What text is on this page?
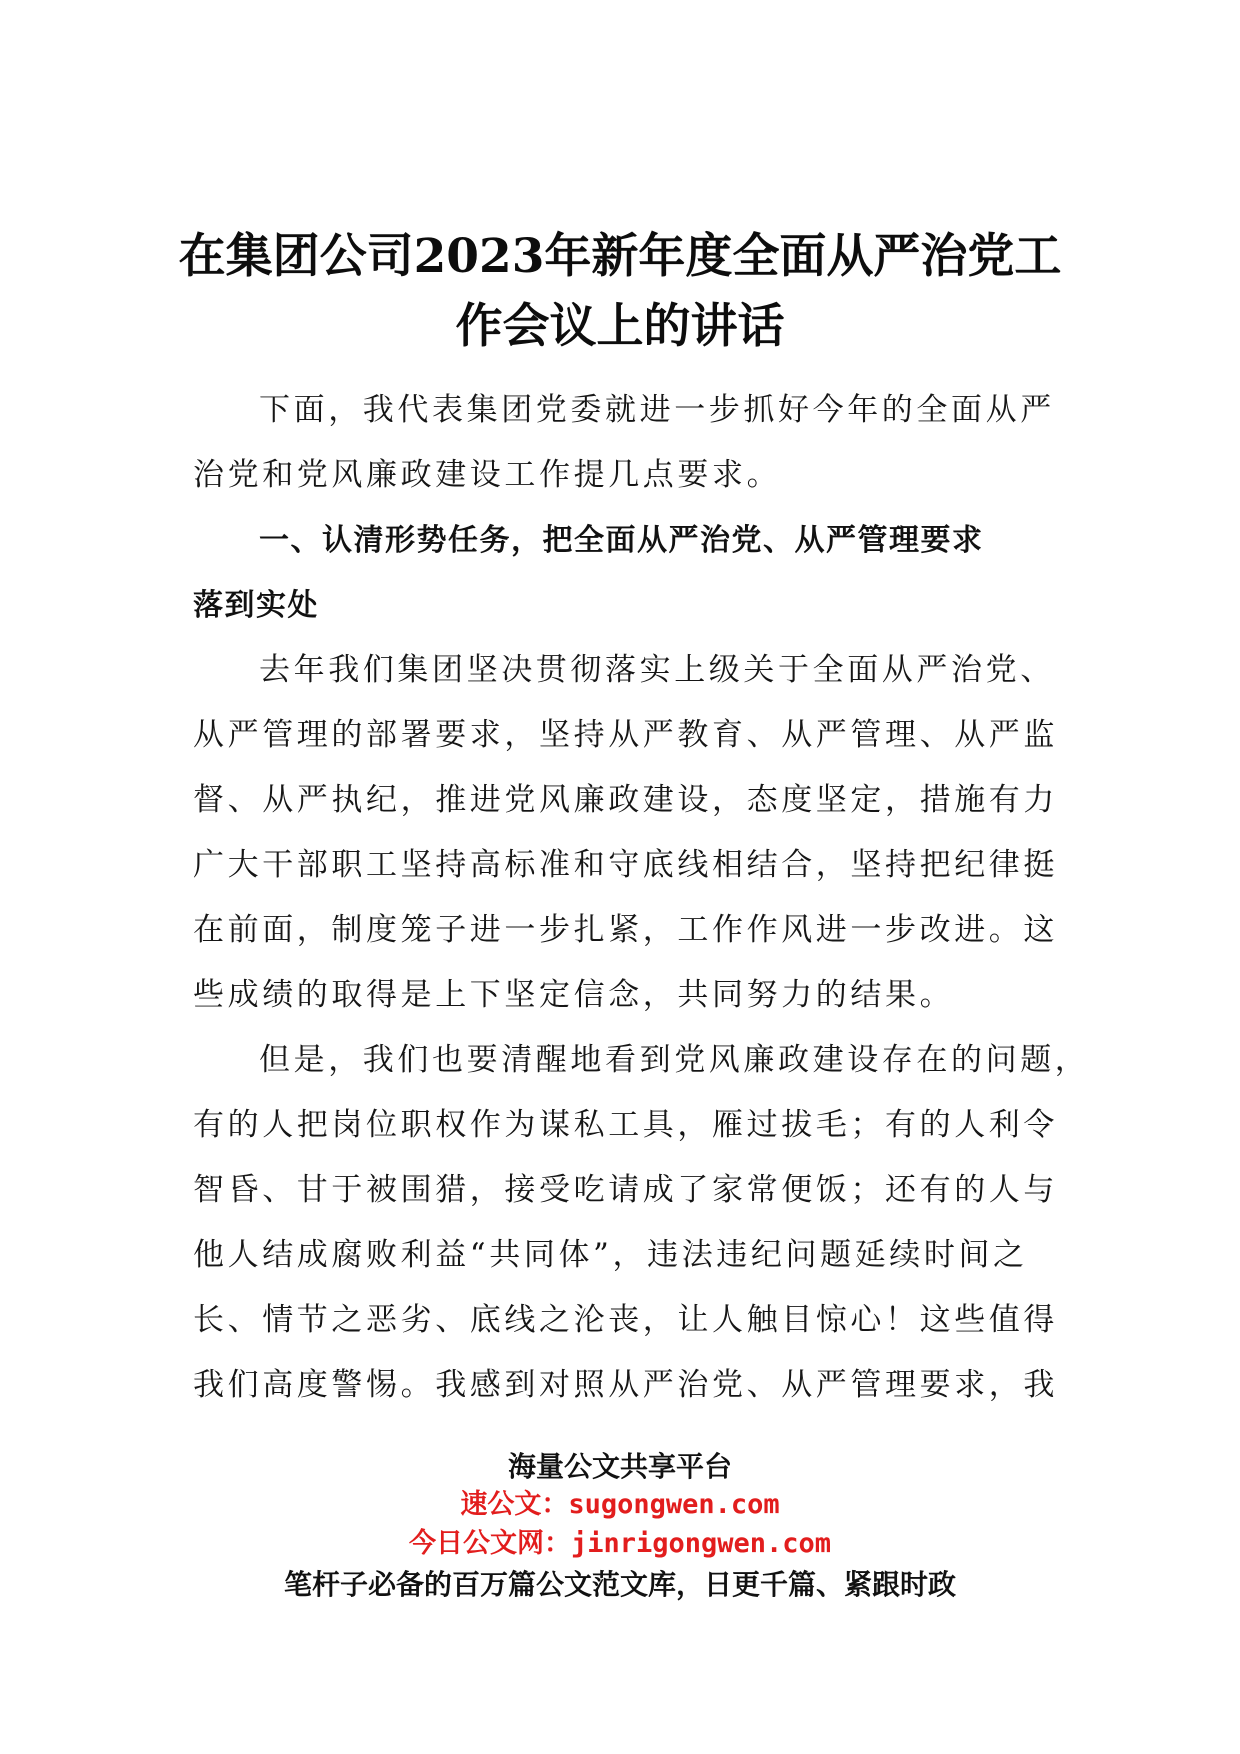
在集团公司2023年新年度全面从严治党工
作会议上的讲话

下面，我代表集团党委就进一步抓好今年的全面从严

治党和党风廉政建设工作提几点要求。

一、认清形势任务，把全面从严治党、从严管理要求

落到实处

去年我们集团坚决贯彻落实上级关于全面从严治党、

从严管理的部署要求，坚持从严教育、从严管理、从严监

督、从严执纪，推进党风廉政建设，态度坚定，措施有力

广大干部职工坚持高标准和守底线相结合，坚持把纪律挺

在前面，制度笼子进一步扎紧，工作作风进一步改进。这

些成绩的取得是上下坚定信念，共同努力的结果。

但是，我们也要清醒地看到党风廉政建设存在的问题，

有的人把岗位职权作为谋私工具，雁过拔毛；有的人利令

智昏、甘于被围猎，接受吃请成了家常便饭；还有的人与

他人结成腐败利益“共同体”，违法违纪问题延续时间之

长、情节之恶劣、底线之沦丧，让人触目惊心！这些值得

我们高度警惕。我感到对照从严治党、从严管理要求，我

海量公文共享平台

速公文：sugongwen.com

今日公文网：jinrigongwen.com

笔杆子必备的百万篇公文范文库，日更千篇、紧跟时政
